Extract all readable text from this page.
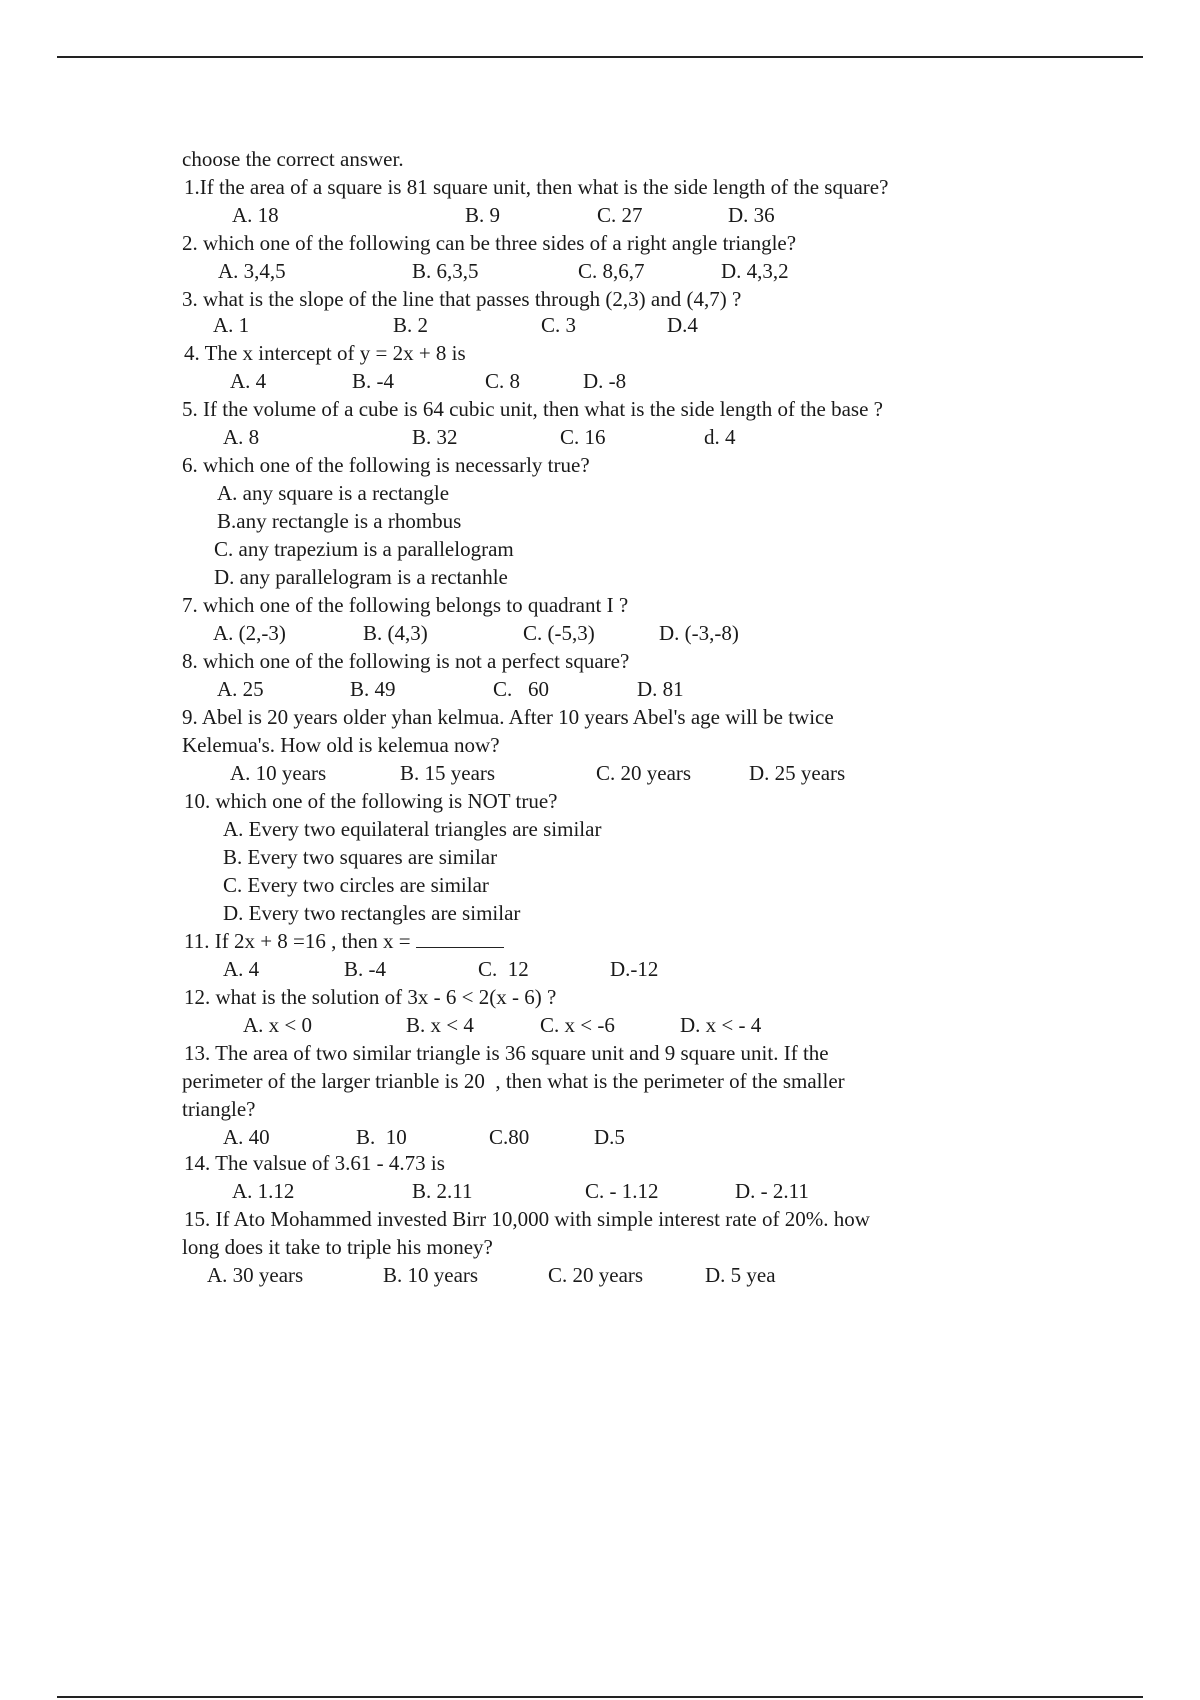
choose the correct answer.
1.If the area of a square is 81 square unit, then what is the side length of the square?
A. 18	B. 9	C. 27	D. 36
2. which one of the following can be three sides of a right angle triangle?
A. 3,4,5	B. 6,3,5	C. 8,6,7	D. 4,3,2
3. what is the slope of the line that passes through (2,3) and (4,7) ?
A. 1	B. 2	C. 3	D.4
4. The x intercept of y = 2x + 8 is
A. 4	B. -4	C. 8	D. -8
5. If the volume of a cube is 64 cubic unit, then what is the side length of the base ?
A. 8	B. 32	C. 16	d. 4
6. which one of the following is necessarly true?
A. any square is a rectangle
B.any rectangle is a rhombus
C. any trapezium is a parallelogram
D. any parallelogram is a rectanhle
7. which one of the following belongs to quadrant I ?
A. (2,-3)	B. (4,3)	C. (-5,3)	D. (-3,-8)
8. which one of the following is not a perfect square?
A. 25	B. 49	C.   60	D. 81
9. Abel is 20 years older yhan kelmua. After 10 years Abel's age will be twice
Kelemua's. How old is kelemua now?
A. 10 years	B. 15 years	C. 20 years	D. 25 years
10. which one of the following is NOT true?
A. Every two equilateral triangles are similar
B. Every two squares are similar
C. Every two circles are similar
D. Every two rectangles are similar
11. If 2x + 8 =16 , then x =
A. 4	B. -4	C.  12	D.-12
12. what is the solution of 3x - 6 < 2(x - 6) ?
A. x < 0	B. x < 4	C. x < -6	D. x < - 4
13. The area of two similar triangle is 36 square unit and 9 square unit. If the
perimeter of the larger trianble is 20  , then what is the perimeter of the smaller
triangle?
A. 40	B.  10	C.80	D.5
14. The valsue of 3.61 - 4.73 is
A. 1.12	B. 2.11	C. - 1.12	D. - 2.11
15. If Ato Mohammed invested Birr 10,000 with simple interest rate of 20%. how
long does it take to triple his money?
A. 30 years	B. 10 years	C. 20 years	D. 5 yea
